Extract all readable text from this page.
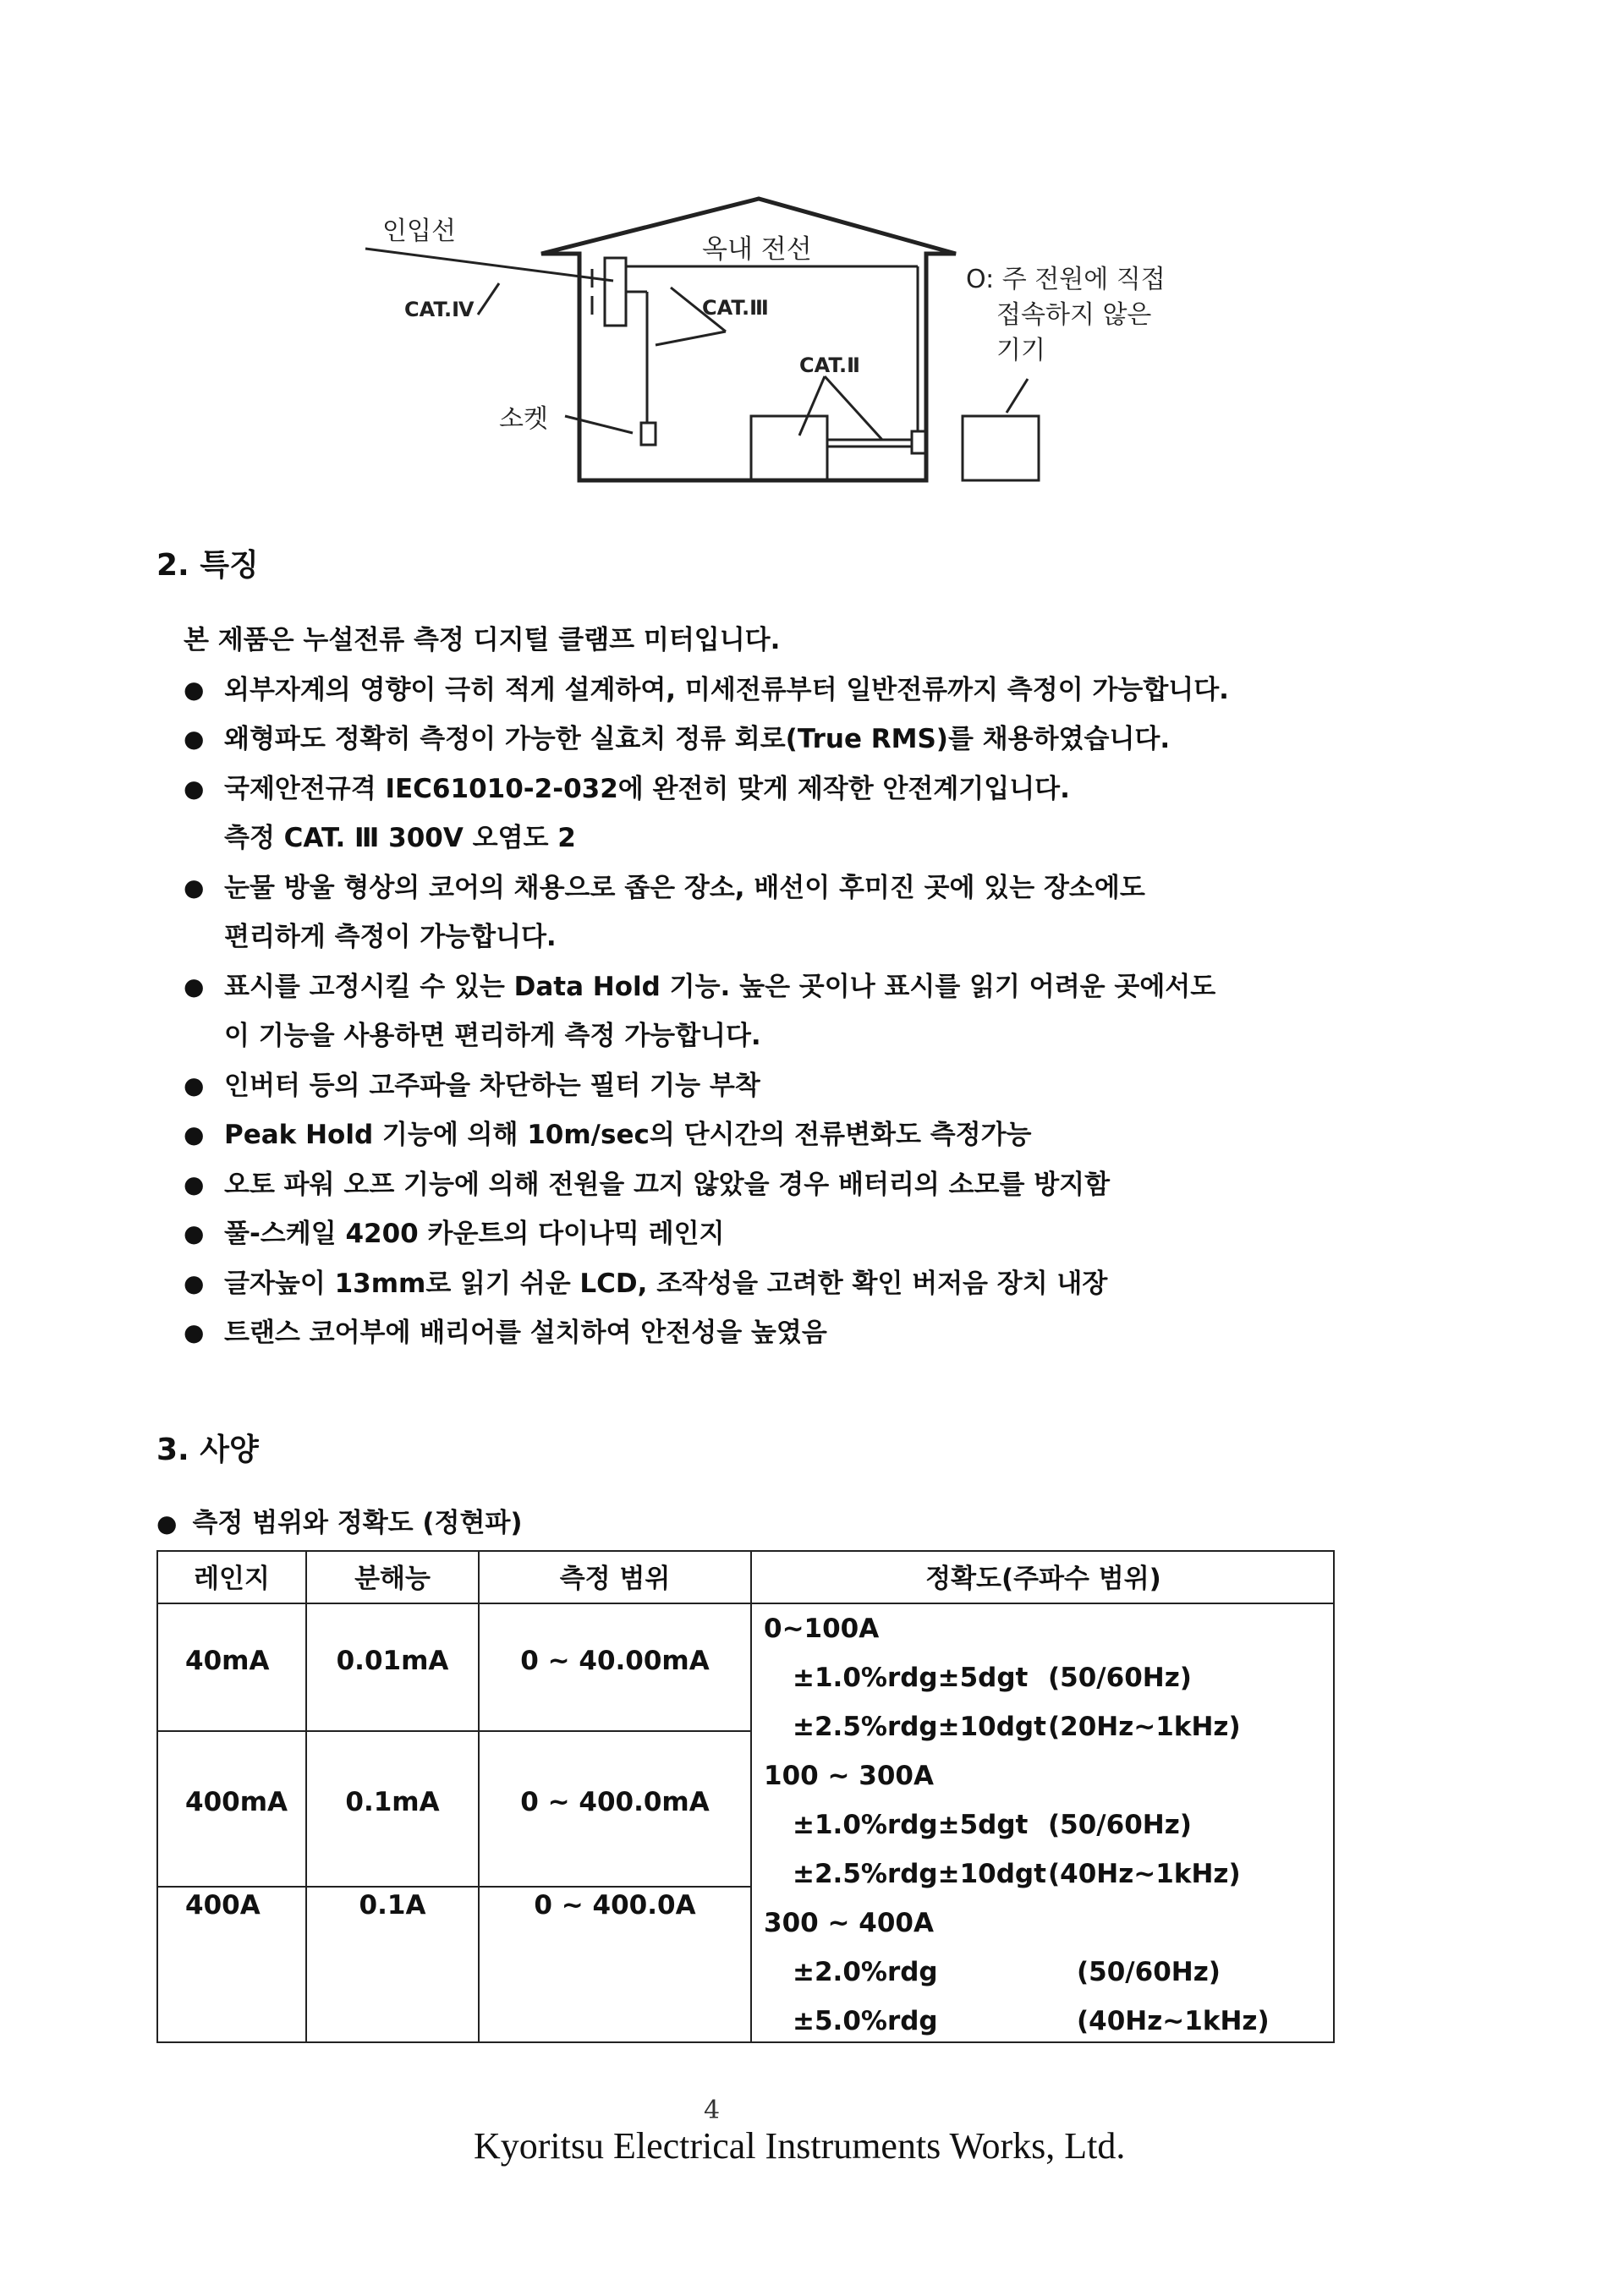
인입선
CAT.Ⅳ
옥내 전선
CAT.Ⅲ
CAT.Ⅱ
소켓
O: 주 전원에 직접
접속하지 않은
기기
2. 특징
본 제품은 누설전류 측정 디지털 클램프 미터입니다.
● 외부자계의 영향이 극히 적게 설계하여, 미세전류부터 일반전류까지 측정이 가능합니다.
● 왜형파도 정확히 측정이 가능한 실효치 정류 회로(True RMS)를 채용하였습니다.
● 국제안전규격 IEC61010-2-032에 완전히 맞게 제작한 안전계기입니다.
측정 CAT. Ⅲ 300V 오염도 2
● 눈물 방울 형상의 코어의 채용으로 좁은 장소, 배선이 후미진 곳에 있는 장소에도
편리하게 측정이 가능합니다.
● 표시를 고정시킬 수 있는 Data Hold 기능. 높은 곳이나 표시를 읽기 어려운 곳에서도
이 기능을 사용하면 편리하게 측정 가능합니다.
● 인버터 등의 고주파을 차단하는 필터 기능 부착
● Peak Hold 기능에 의해 10m/sec의 단시간의 전류변화도 측정가능
● 오토 파워 오프 기능에 의해 전원을 끄지 않았을 경우 배터리의 소모를 방지함
● 풀-스케일 4200 카운트의 다이나믹 레인지
● 글자높이 13mm로 읽기 쉬운 LCD, 조작성을 고려한 확인 버저음 장치 내장
● 트랜스 코어부에 배리어를 설치하여 안전성을 높였음
3. 사양
● 측정 범위와 정확도 (정현파)
레인지	분해능	측정 범위	정확도(주파수 범위)
40mA	0.01mA	0 ~ 40.00mA
400mA	0.1mA	0 ~ 400.0mA
400A	0.1A	0 ~ 400.0A
0~100A
±1.0%rdg±5dgt (50/60Hz)
±2.5%rdg±10dgt (20Hz~1kHz)
100 ~ 300A
±1.0%rdg±5dgt (50/60Hz)
±2.5%rdg±10dgt (40Hz~1kHz)
300 ~ 400A
±2.0%rdg	(50/60Hz)
±5.0%rdg	(40Hz~1kHz)
4
Kyoritsu Electrical Instruments Works, Ltd.
